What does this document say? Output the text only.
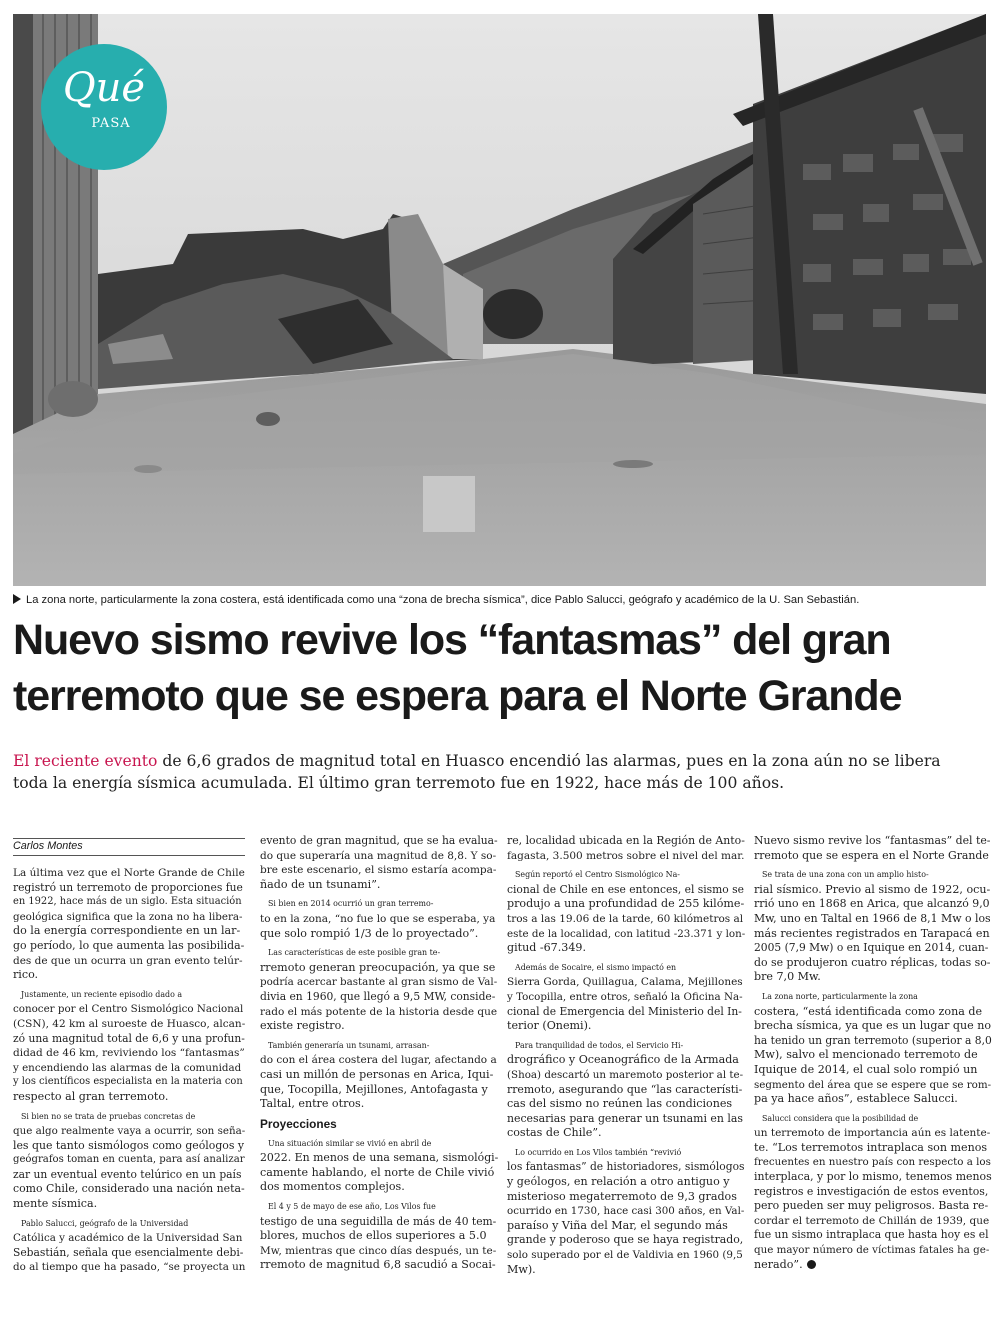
Qué
PASA
La zona norte, particularmente la zona costera, está identificada como una “zona de brecha sísmica”, dice Pablo Salucci, geógrafo y académico de la U. San Sebastián.
Nuevo sismo revive los “fantasmas” del gran
terremoto que se espera para el Norte Grande
El reciente evento de 6,6 grados de magnitud total en Huasco encendió las alarmas, pues en la zona aún no se libera
toda la energía sísmica acumulada. El último gran terremoto fue en 1922, hace más de 100 años.
Carlos Montes
La última vez que el Norte Grande de Chile
registró un terremoto de proporciones fue
en 1922, hace más de un siglo. Esta situación
geológica significa que la zona no ha libera-
do la energía correspondiente en un lar-
go período, lo que aumenta las posibilida-
des de que un ocurra un gran evento telúr-
rico.
Justamente, un reciente episodio dado a
conocer por el Centro Sismológico Nacional
(CSN), 42 km al suroeste de Huasco, alcan-
zó una magnitud total de 6,6 y una profun-
didad de 46 km, reviviendo los “fantasmas”
y encendiendo las alarmas de la comunidad
y los científicos especialista en la materia con
respecto al gran terremoto.
Si bien no se trata de pruebas concretas de
que algo realmente vaya a ocurrir, son seña-
les que tanto sismólogos como geólogos y
geógrafos toman en cuenta, para así analizar
zar un eventual evento telúrico en un país
como Chile, considerado una nación neta-
mente sísmica.
Pablo Salucci, geógrafo de la Universidad
Católica y académico de la Universidad San
Sebastián, señala que esencialmente debi-
do al tiempo que ha pasado, “se proyecta un
evento de gran magnitud, que se ha evalua-
do que superaría una magnitud de 8,8. Y so-
bre este escenario, el sismo estaría acompa-
ñado de un tsunami”.
Si bien en 2014 ocurrió un gran terremo-
to en la zona, “no fue lo que se esperaba, ya
que solo rompió 1/3 de lo proyectado”.
Las características de este posible gran te-
rremoto generan preocupación, ya que se
podría acercar bastante al gran sismo de Val-
divia en 1960, que llegó a 9,5 MW, conside-
rado el más potente de la historia desde que
existe registro.
También generaría un tsunami, arrasan-
do con el área costera del lugar, afectando a
casi un millón de personas en Arica, Iqui-
que, Tocopilla, Mejillones, Antofagasta y
Taltal, entre otros.
Proyecciones
Una situación similar se vivió en abril de
2022. En menos de una semana, sismológi-
camente hablando, el norte de Chile vivió
dos momentos complejos.
El 4 y 5 de mayo de ese año, Los Vilos fue
testigo de una seguidilla de más de 40 tem-
blores, muchos de ellos superiores a 5.0
Mw, mientras que cinco días después, un te-
rremoto de magnitud 6,8 sacudió a Socai-
re, localidad ubicada en la Región de Anto-
fagasta, 3.500 metros sobre el nivel del mar.
Según reportó el Centro Sismológico Na-
cional de Chile en ese entonces, el sismo se
produjo a una profundidad de 255 kilóme-
tros a las 19.06 de la tarde, 60 kilómetros al
este de la localidad, con latitud -23.371 y lon-
gitud -67.349.
Además de Socaire, el sismo impactó en
Sierra Gorda, Quillagua, Calama, Mejillones
y Tocopilla, entre otros, señaló la Oficina Na-
cional de Emergencia del Ministerio del In-
terior (Onemi).
Para tranquilidad de todos, el Servicio Hi-
drográfico y Oceanográfico de la Armada
(Shoa) descartó un maremoto posterior al te-
rremoto, asegurando que “las característi-
cas del sismo no reúnen las condiciones
necesarias para generar un tsunami en las
costas de Chile”.
Lo ocurrido en Los Vilos también “revivió
los fantasmas” de historiadores, sismólogos
y geólogos, en relación a otro antiguo y
misterioso megaterremoto de 9,3 grados
ocurrido en 1730, hace casi 300 años, en Val-
paraíso y Viña del Mar, el segundo más
grande y poderoso que se haya registrado,
solo superado por el de Valdivia en 1960 (9,5
Mw).
Nuevo sismo revive los “fantasmas” del te-
rremoto que se espera en el Norte Grande
Se trata de una zona con un amplio histo-
rial sísmico. Previo al sismo de 1922, ocu-
rrió uno en 1868 en Arica, que alcanzó 9,0
Mw, uno en Taltal en 1966 de 8,1 Mw o los
más recientes registrados en Tarapacá en
2005 (7,9 Mw) o en Iquique en 2014, cuan-
do se produjeron cuatro réplicas, todas so-
bre 7,0 Mw.
La zona norte, particularmente la zona
costera, “está identificada como zona de
brecha sísmica, ya que es un lugar que no
ha tenido un gran terremoto (superior a 8,0
Mw), salvo el mencionado terremoto de
Iquique de 2014, el cual solo rompió un
segmento del área que se espere que se rom-
pa ya hace años”, establece Salucci.
Salucci considera que la posibilidad de
un terremoto de importancia aún es latente-
te. “Los terremotos intraplaca son menos
frecuentes en nuestro país con respecto a los
interplaca, y por lo mismo, tenemos menos
registros e investigación de estos eventos,
pero pueden ser muy peligrosos. Basta re-
cordar el terremoto de Chillán de 1939, que
fue un sismo intraplaca que hasta hoy es el
que mayor número de víctimas fatales ha ge-
nerado”.
